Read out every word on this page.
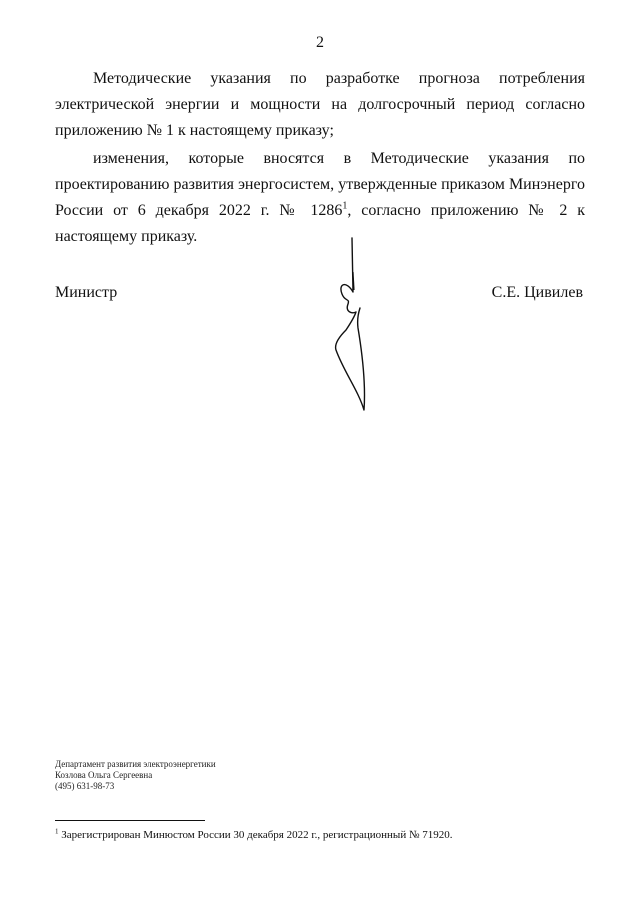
2

Методические указания по разработке прогноза потребления электрической энергии и мощности на долгосрочный период согласно приложению № 1 к настоящему приказу;

изменения, которые вносятся в Методические указания по проектированию развития энергосистем, утвержденные приказом Минэнерго России от 6 декабря 2022 г. № 1286$^1$, согласно приложению № 2 к настоящему приказу.

Министр	С.Е. Цивилев
Департамент развития электроэнергетики
Козлова Ольга Сергеевна
(495) 631-98-73
$^1$ Зарегистрирован Минюстом России 30 декабря 2022 г., регистрационный № 71920.
